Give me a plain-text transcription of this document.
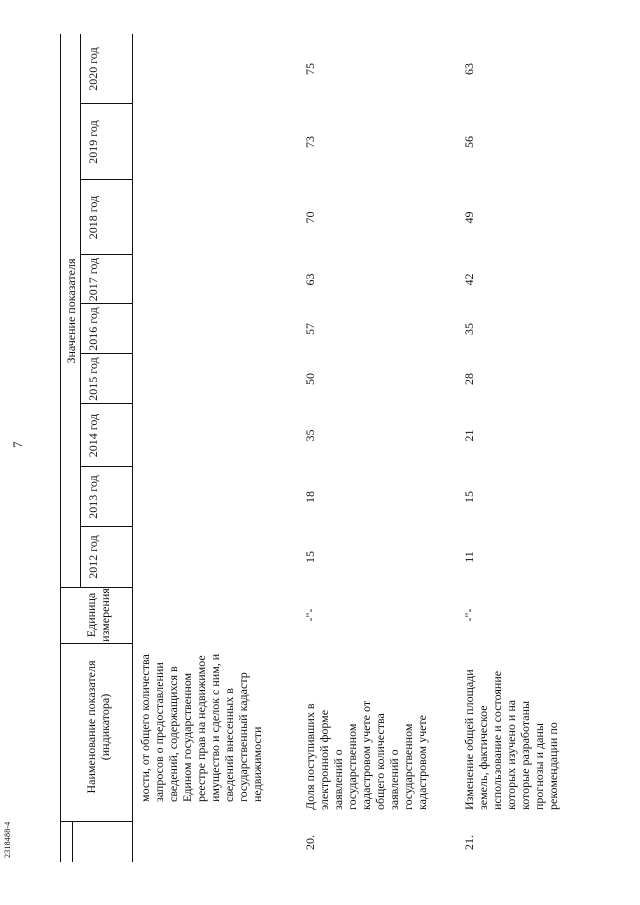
7
2318488-4
Наименование показателя (индикатора)
Единица измерения
Значение показателя
2012 год
2013 год
2014 год
2015 год
2016 год
2017 год
2018 год
2019 год
2020 год
мости, от общего количества запросов о предоставлении сведений, содержащихся в Едином государственном реестре прав на недвижимое имущество и сделок с ним, и сведений внесенных в государственный кадастр недвижимости
20.
Доля поступивших в электронной форме заявлений о государственном кадастровом учете от общего количества заявлений о государственном кадастровом учете
-"-
15
18
35
50
57
63
70
73
75
21.
Изменение общей площади земель, фактическое использование и состояние которых изучено и на которые разработаны прогнозы и даны рекомендации по
-"-
11
15
21
28
35
42
49
56
63
